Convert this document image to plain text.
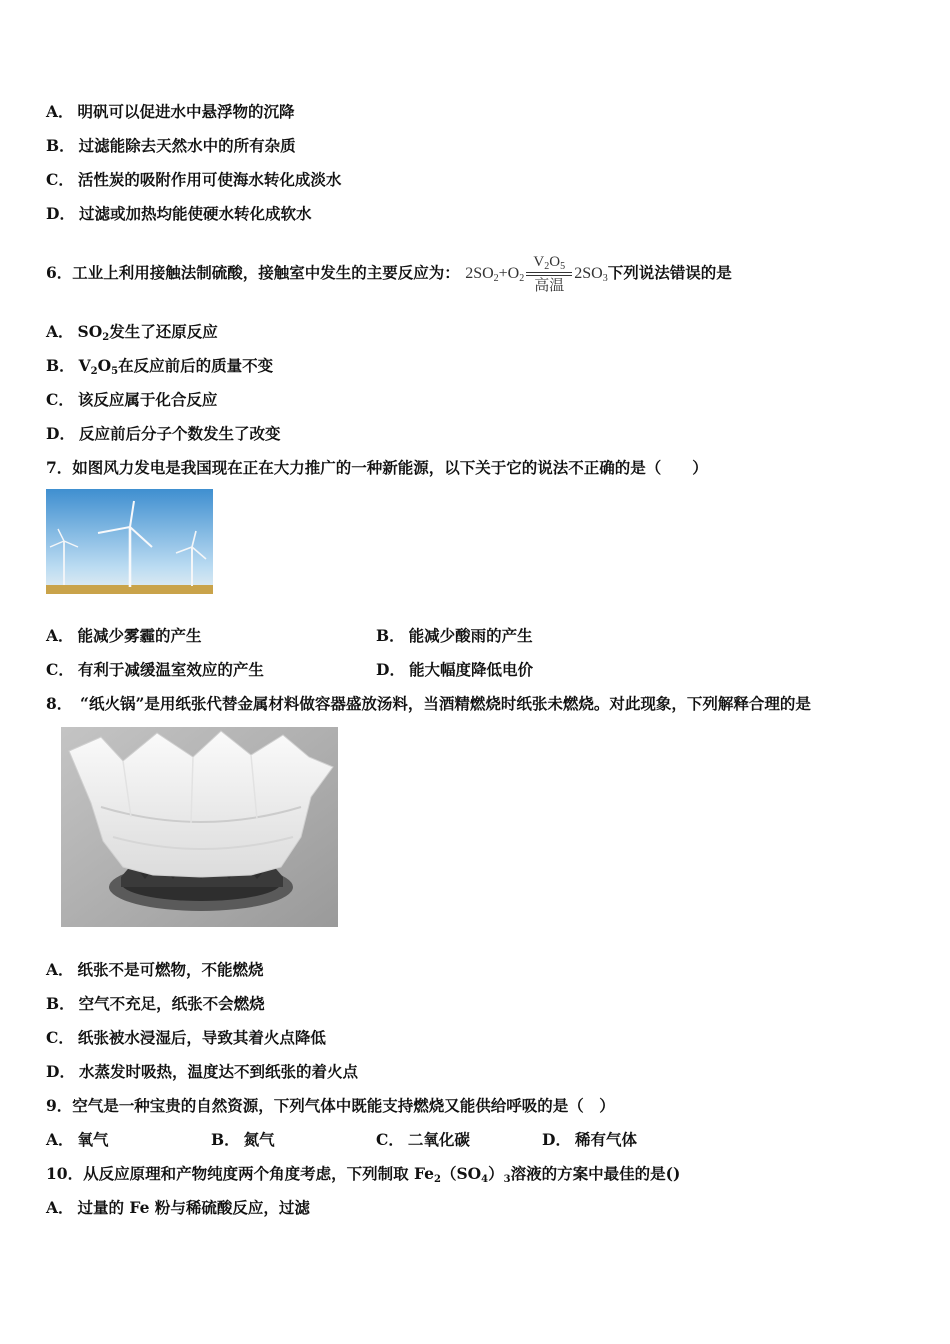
A． 明矾可以促进水中悬浮物的沉降
B． 过滤能除去天然水中的所有杂质
C． 活性炭的吸附作用可使海水转化成淡水
D． 过滤或加热均能使硬水转化成软水
6．工业上利用接触法制硫酸，接触室中发生的主要反应为： $2SO_2+O_2 \frac{V_2O_5}{\text{高温}} 2SO_3$下列说法错误的是
A． $SO_2$发生了还原反应
B． $V_2O_5$在反应前后的质量不变
C． 该反应属于化合反应
D． 反应前后分子个数发生了改变
7．如图风力发电是我国现在正在大力推广的一种新能源，以下关于它的说法不正确的是（　　）
A． 能减少雾霾的产生	B． 能减少酸雨的产生
C． 有利于减缓温室效应的产生	D． 能大幅度降低电价
8．　“纸火锅”是用纸张代替金属材料做容器盛放汤料，当酒精燃烧时纸张未燃烧。对此现象，下列解释合理的是
A． 纸张不是可燃物，不能燃烧
B． 空气不充足，纸张不会燃烧
C． 纸张被水浸湿后，导致其着火点降低
D． 水蒸发时吸热，温度达不到纸张的着火点
9．空气是一种宝贵的自然资源，下列气体中既能支持燃烧又能供给呼吸的是（　）
A． 氧气	B． 氮气	C． 二氧化碳	D． 稀有气体
10．从反应原理和产物纯度两个角度考虑，下列制取 $Fe_2(SO_4)_3$溶液的方案中最佳的是()
A． 过量的 Fe 粉与稀硫酸反应，过滤
